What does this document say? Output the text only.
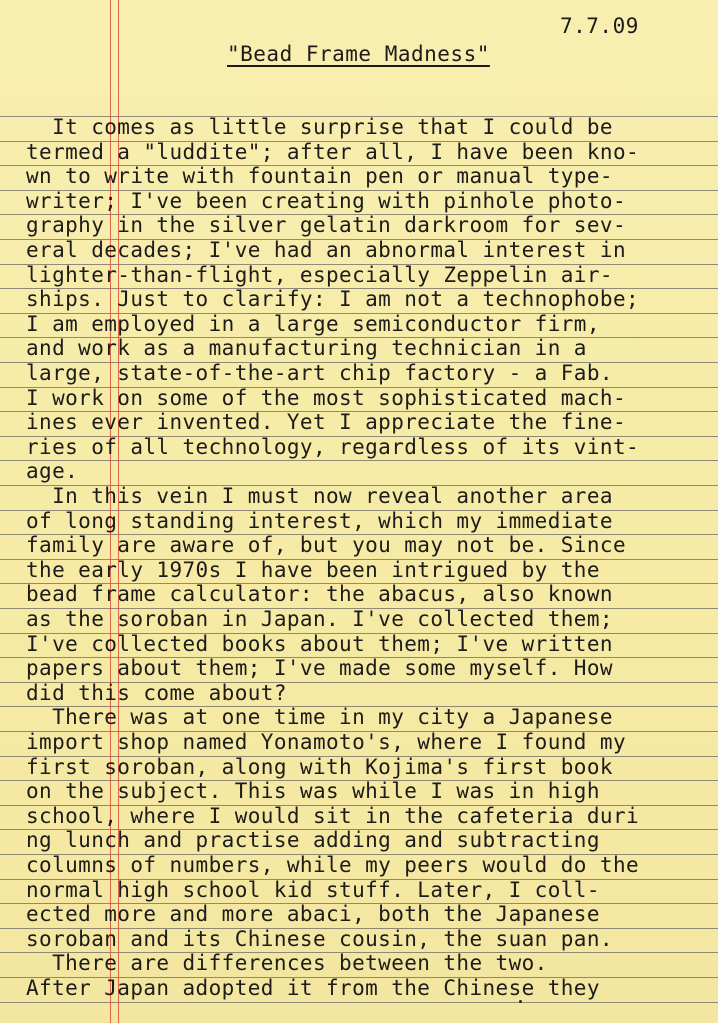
7.7.09
"Bead Frame Madness"
It comes as little surprise that I could be
termed a "luddite"; after all, I have been kno-
wn to write with fountain pen or manual type-
writer; I've been creating with pinhole photo-
graphy in the silver gelatin darkroom for sev-
eral decades; I've had an abnormal interest in
lighter-than-flight, especially Zeppelin air-
ships. Just to clarify: I am not a technophobe;
I am employed in a large semiconductor firm,
and work as a manufacturing technician in a
large, state-of-the-art chip factory - a Fab.
I work on some of the most sophisticated mach-
ines ever invented. Yet I appreciate the fine-
ries of all technology, regardless of its vint-
age.
In this vein I must now reveal another area
of long standing interest, which my immediate
family are aware of, but you may not be. Since
the early 1970s I have been intrigued by the
bead frame calculator: the abacus, also known
as the soroban in Japan. I've collected them;
I've collected books about them; I've written
papers about them; I've made some myself. How
did this come about?
There was at one time in my city a Japanese
import shop named Yonamoto's, where I found my
first soroban, along with Kojima's first book
on the subject. This was while I was in high
school, where I would sit in the cafeteria duri
ng lunch and practise adding and subtracting
columns of numbers, while my peers would do the
normal high school kid stuff. Later, I coll-
ected more and more abaci, both the Japanese
soroban and its Chinese cousin, the suan pan.
There are differences between the two.
After Japan adopted it from the Chinese they
